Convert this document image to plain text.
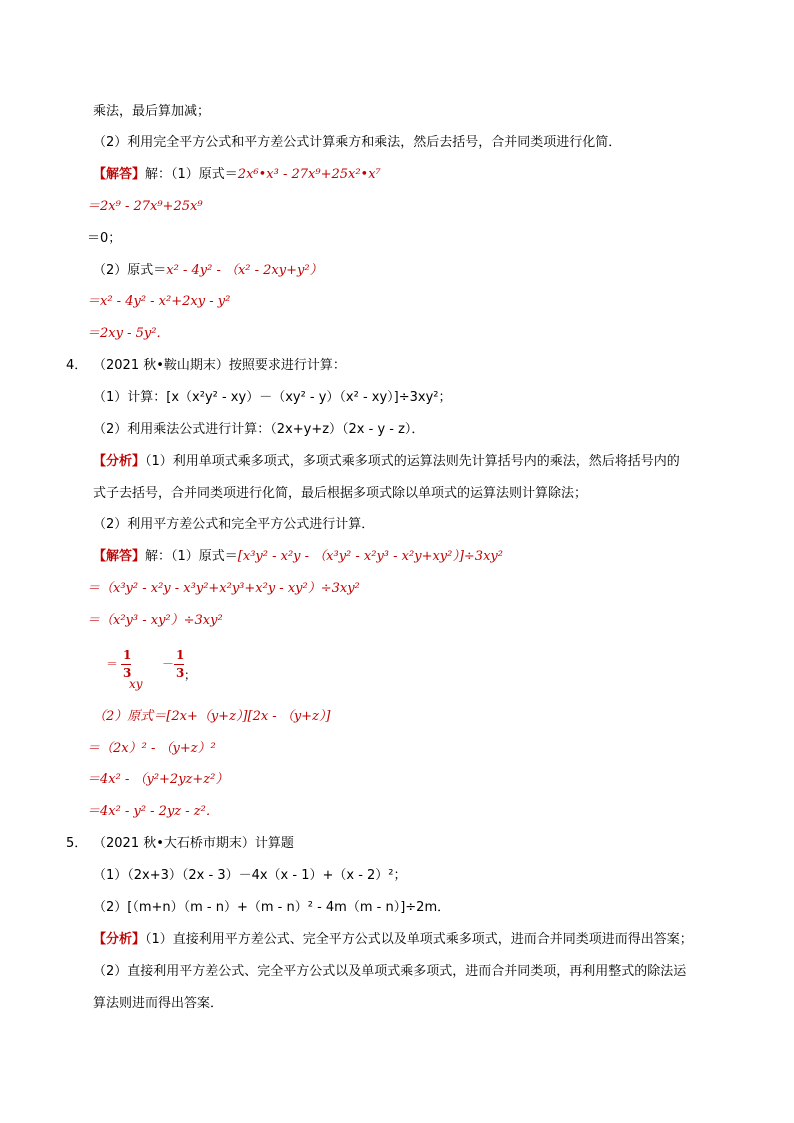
乘法，最后算加减；
（2）利用完全平方公式和平方差公式计算乘方和乘法，然后去括号，合并同类项进行化简．
【解答】解：（1）原式＝2x⁶•x³ - 27x⁹+25x²•x⁷
＝2x⁹ - 27x⁹+25x⁹
＝0；
（2）原式＝x² - 4y² - （x² - 2xy+y²）
＝x² - 4y² - x²+2xy - y²
＝2xy - 5y²．
4． （2021 秋•鞍山期末）按照要求进行计算：
（1）计算：[x（x²y² - xy）－（xy² - y）（x² - xy）]÷3xy²；
（2）利用乘法公式进行计算：（2x+y+z）（2x - y - z）．
【分析】（1）利用单项式乘多项式，多项式乘多项式的运算法则先计算括号内的乘法，然后将括号内的
式子去括号，合并同类项进行化简，最后根据多项式除以单项式的运算法则计算除法；
（2）利用平方差公式和完全平方公式进行计算．
【解答】解：（1）原式＝[x³y² - x²y - （x³y² - x²y³ - x²y+xy²）]÷3xy²
＝（x³y² - x²y - x³y²+x²y³+x²y - xy²）÷3xy²
＝（x²y³ - xy²）÷3xy²
＝
1
3
xy
－
1
3 ；
（2）原式＝[2x+（y+z）][2x - （y+z）]
＝（2x）² - （y+z）²
＝4x² - （y²+2yz+z²）
＝4x² - y² - 2yz - z²．
5． （2021 秋•大石桥市期末）计算题
（1）（2x+3）（2x - 3）－4x（x - 1）+（x - 2）²；
（2）[（m+n）（m - n）+（m - n）² - 4m（m - n）]÷2m．
【分析】（1）直接利用平方差公式、完全平方公式以及单项式乘多项式，进而合并同类项进而得出答案；
（2）直接利用平方差公式、完全平方公式以及单项式乘多项式，进而合并同类项，再利用整式的除法运
算法则进而得出答案．
